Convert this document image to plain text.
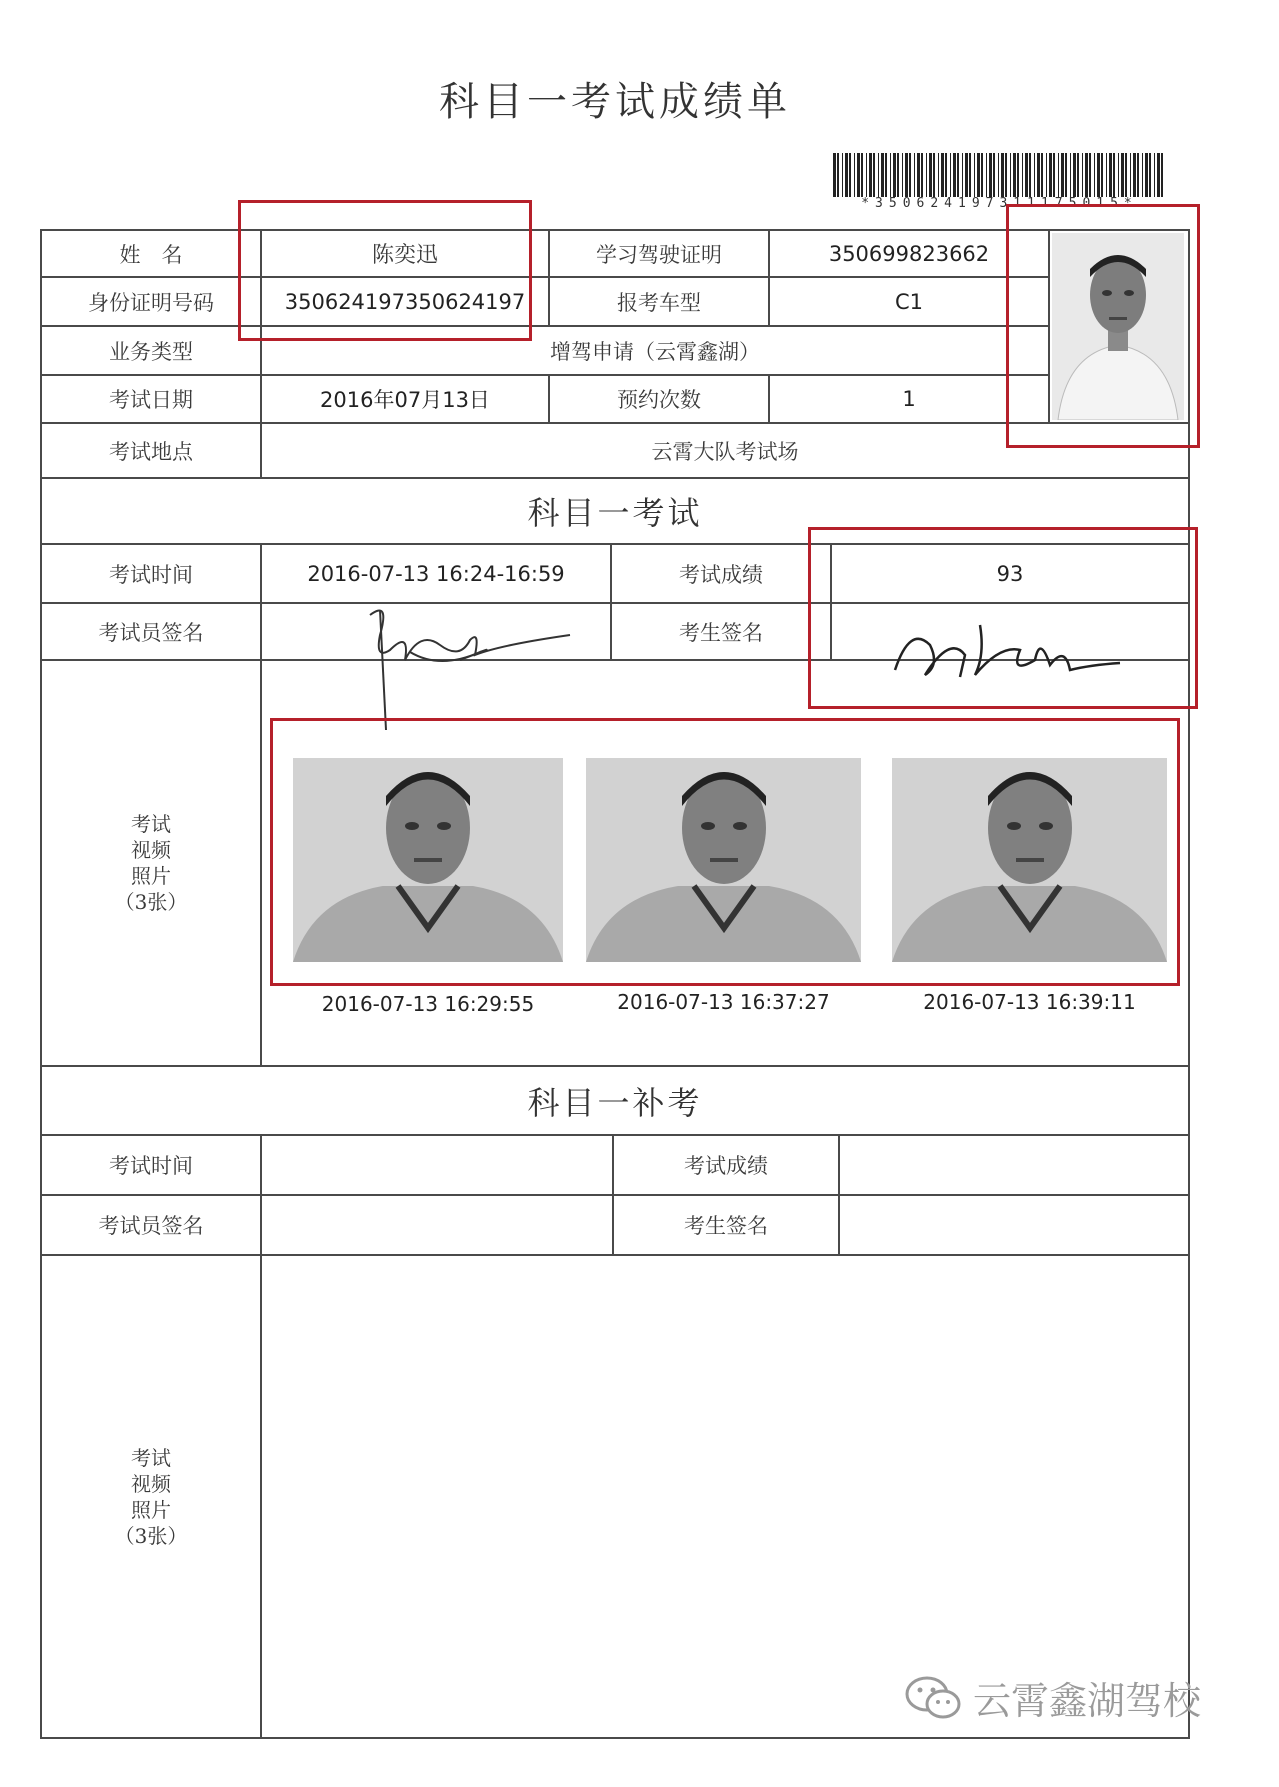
科目一考试成绩单
*350624197311175015*
姓　名	陈奕迅	学习驾驶证明	350699823662
身份证明号码	350624197350624197	报考车型	C1
业务类型	增驾申请（云霄鑫湖）
考试日期	2016年07月13日	预约次数	1
考试地点	云霄大队考试场
科目一考试
考试时间	2016-07-13 16:24-16:59	考试成绩	93
考试员签名	考生签名
考试
视频
照片
（3张）
2016-07-13 16:29:55	2016-07-13 16:37:27	2016-07-13 16:39:11
科目一补考
考试时间	考试成绩
考试员签名	考生签名
考试
视频
照片
（3张）
云霄鑫湖驾校
